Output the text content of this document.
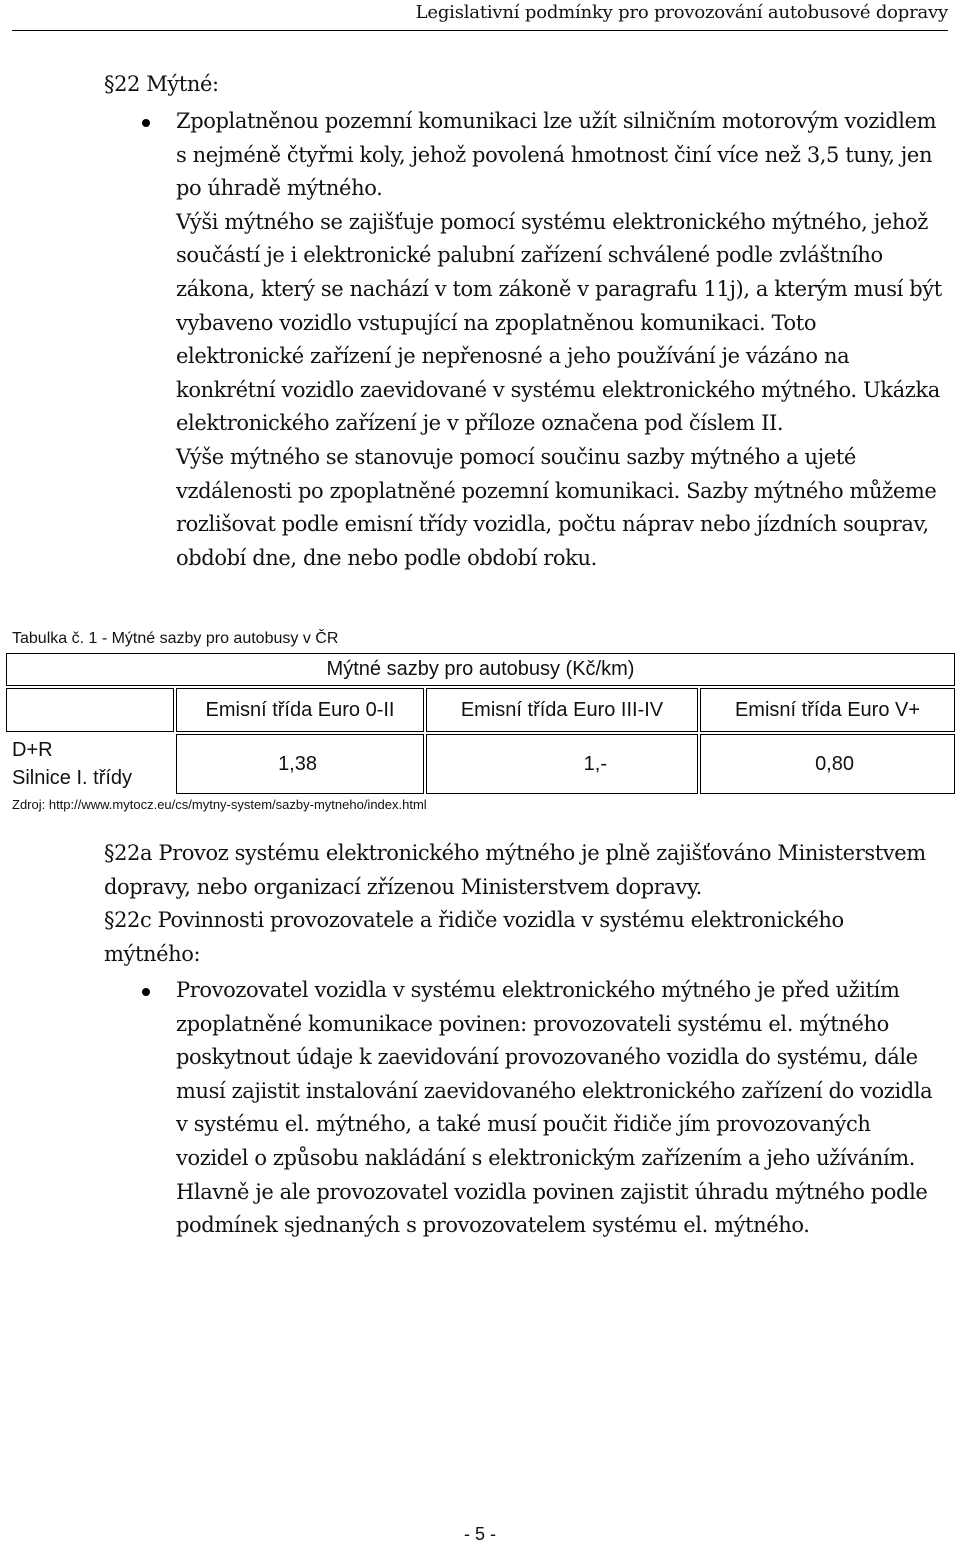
Legislativní podmínky pro provozování autobusové dopravy
§22 Mýtné:

Zpoplatněnou pozemní komunikaci lze užít silničním motorovým vozidlem s nejméně čtyřmi koly, jehož povolená hmotnost činí více než 3,5 tuny, jen po úhradě mýtného.

Výši mýtného se zajišťuje pomocí systému elektronického mýtného, jehož součástí je i elektronické palubní zařízení schválené podle zvláštního zákona, který se nachází v tom zákoně v paragrafu 11j), a kterým musí být vybaveno vozidlo vstupující na zpoplatněnou komunikaci. Toto elektronické zařízení je nepřenosné a jeho používání je vázáno na konkrétní vozidlo zaevidované v systému elektronického mýtného. Ukázka elektronického zařízení je v příloze označena pod číslem II.

Výše mýtného se stanovuje pomocí součinu sazby mýtného a ujeté vzdálenosti po zpoplatněné pozemní komunikaci. Sazby mýtného můžeme rozlišovat podle emisní třídy vozidla, počtu náprav nebo jízdních souprav, období dne, dne nebo podle období roku.

Tabulka č. 1 - Mýtné sazby pro autobusy v ČR
Mýtné sazby pro autobusy (Kč/km)			
	Emisní třída Euro 0-II	Emisní třída Euro III-IV	Emisní třída Euro V+
D+R
Silnice I. třídy	1,38	1,-	0,80
Zdroj: http://www.mytocz.eu/cs/mytny-system/sazby-mytneho/index.html
§22a Provoz systému elektronického mýtného je plně zajišťováno Ministerstvem dopravy, nebo organizací zřízenou Ministerstvem dopravy.
§22c Povinnosti provozovatele a řidiče vozidla v systému elektronického mýtného:

Provozovatel vozidla v systému elektronického mýtného je před užitím zpoplatněné komunikace povinen: provozovateli systému el. mýtného poskytnout údaje k zaevidování provozovaného vozidla do systému, dále musí zajistit instalování zaevidovaného elektronického zařízení do vozidla v systému el. mýtného, a také musí poučit řidiče jím provozovaných vozidel o způsobu nakládání s elektronickým zařízením a jeho užíváním. Hlavně je ale provozovatel vozidla povinen zajistit úhradu mýtného podle podmínek sjednaných s provozovatelem systému el. mýtného.

- 5 -
